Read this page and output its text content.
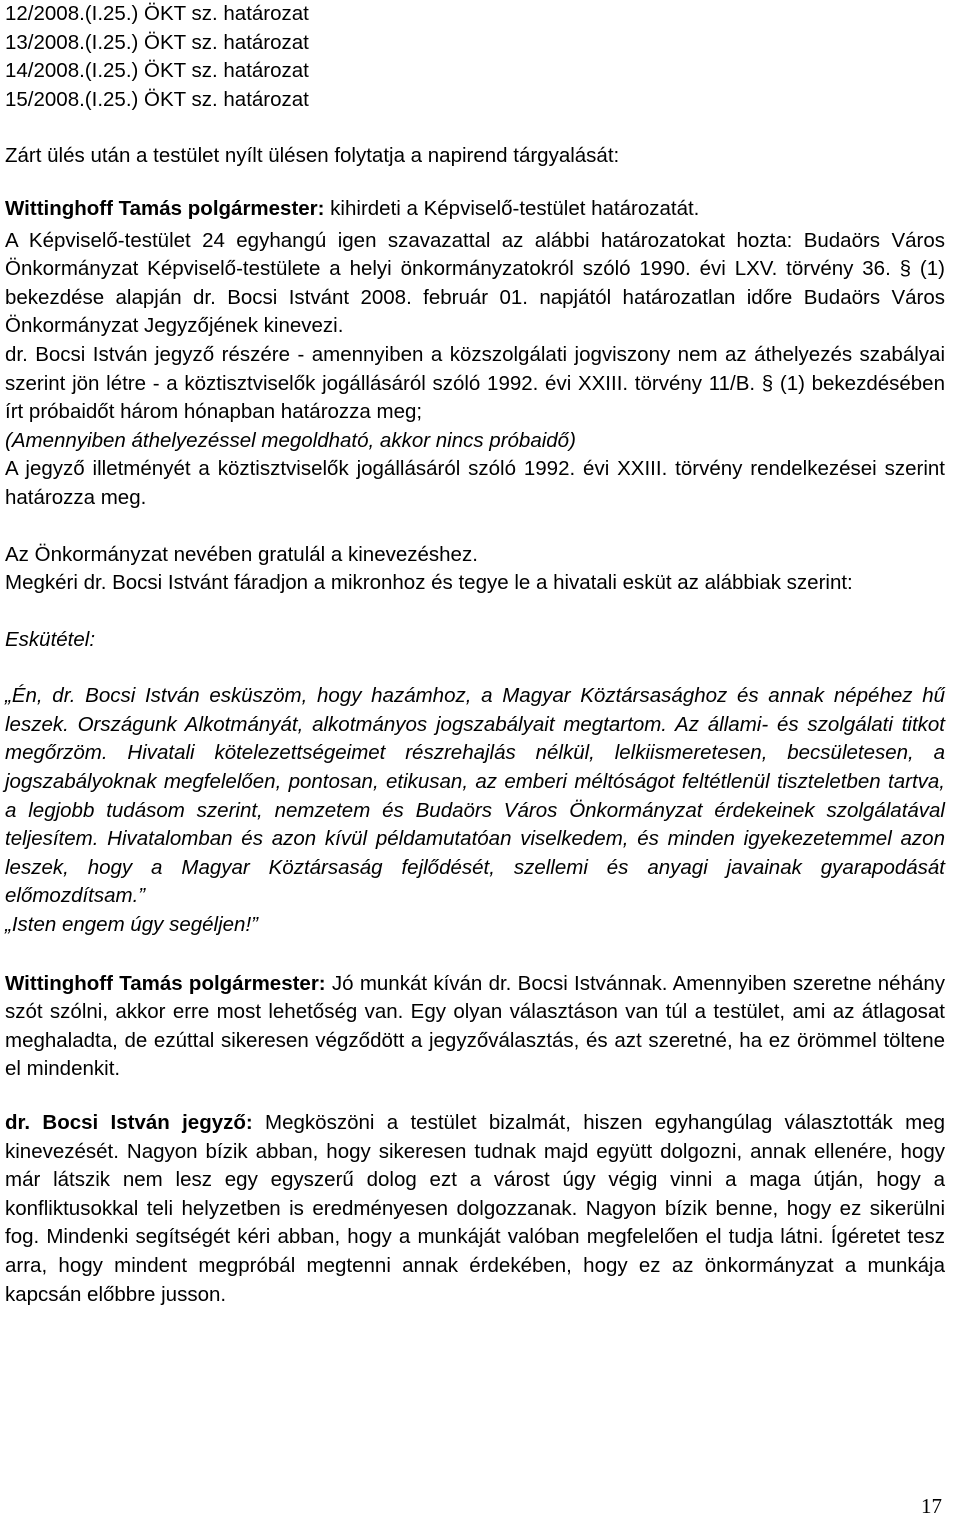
12/2008.(I.25.) ÖKT sz. határozat
13/2008.(I.25.) ÖKT sz. határozat
14/2008.(I.25.) ÖKT sz. határozat
15/2008.(I.25.) ÖKT sz. határozat

Zárt ülés után a testület nyílt ülésen folytatja a napirend tárgyalását:

Wittinghoff Tamás polgármester: kihirdeti a Képviselő-testület határozatát.

A Képviselő-testület 24 egyhangú igen szavazattal az alábbi határozatokat hozta: Budaörs Város Önkormányzat Képviselő-testülete a helyi önkormányzatokról szóló 1990. évi LXV. törvény 36. § (1) bekezdése alapján dr. Bocsi Istvánt 2008. február 01. napjától határozatlan időre Budaörs Város Önkormányzat Jegyzőjének kinevezi.

dr. Bocsi István jegyző részére - amennyiben a közszolgálati jogviszony nem az áthelyezés szabályai szerint jön létre - a köztisztviselők jogállásáról szóló 1992. évi XXIII. törvény 11/B. § (1) bekezdésében írt próbaidőt három hónapban határozza meg;

(Amennyiben áthelyezéssel megoldható, akkor nincs próbaidő)

A jegyző illetményét a köztisztviselők jogállásáról szóló 1992. évi XXIII. törvény rendelkezései szerint határozza meg.

Az Önkormányzat nevében gratulál a kinevezéshez.

Megkéri dr. Bocsi Istvánt fáradjon a mikronhoz és tegye le a hivatali esküt az alábbiak szerint:

Eskütétel:

„Én, dr. Bocsi István esküszöm, hogy hazámhoz, a Magyar Köztársasághoz és annak népéhez hű leszek. Országunk Alkotmányát, alkotmányos jogszabályait megtartom. Az állami- és szolgálati titkot megőrzöm. Hivatali kötelezettségeimet részrehajlás nélkül, lelkiismeretesen, becsületesen, a jogszabályoknak megfelelően, pontosan, etikusan, az emberi méltóságot feltétlenül tiszteletben tartva, a legjobb tudásom szerint, nemzetem és Budaörs Város Önkormányzat érdekeinek szolgálatával teljesítem. Hivatalomban és azon kívül példamutatóan viselkedem, és minden igyekezetemmel azon leszek, hogy a Magyar Köztársaság fejlődését, szellemi és anyagi javainak gyarapodását előmozdítsam.”

„Isten engem úgy segéljen!”

Wittinghoff Tamás polgármester: Jó munkát kíván dr. Bocsi Istvánnak. Amennyiben szeretne néhány szót szólni, akkor erre most lehetőség van. Egy olyan választáson van túl a testület, ami az átlagosat meghaladta, de ezúttal sikeresen végződött a jegyzőválasztás, és azt szeretné, ha ez örömmel töltene el mindenkit.

dr. Bocsi István jegyző: Megköszöni a testület bizalmát, hiszen egyhangúlag választották meg kinevezését. Nagyon bízik abban, hogy sikeresen tudnak majd együtt dolgozni, annak ellenére, hogy már látszik nem lesz egy egyszerű dolog ezt a várost úgy végig vinni a maga útján, hogy a konfliktusokkal teli helyzetben is eredményesen dolgozzanak. Nagyon bízik benne, hogy ez sikerülni fog. Mindenki segítségét kéri abban, hogy a munkáját valóban megfelelően el tudja látni. Ígéretet tesz arra, hogy mindent megpróbál megtenni annak érdekében, hogy ez az önkormányzat a munkája kapcsán előbbre jusson.

17
